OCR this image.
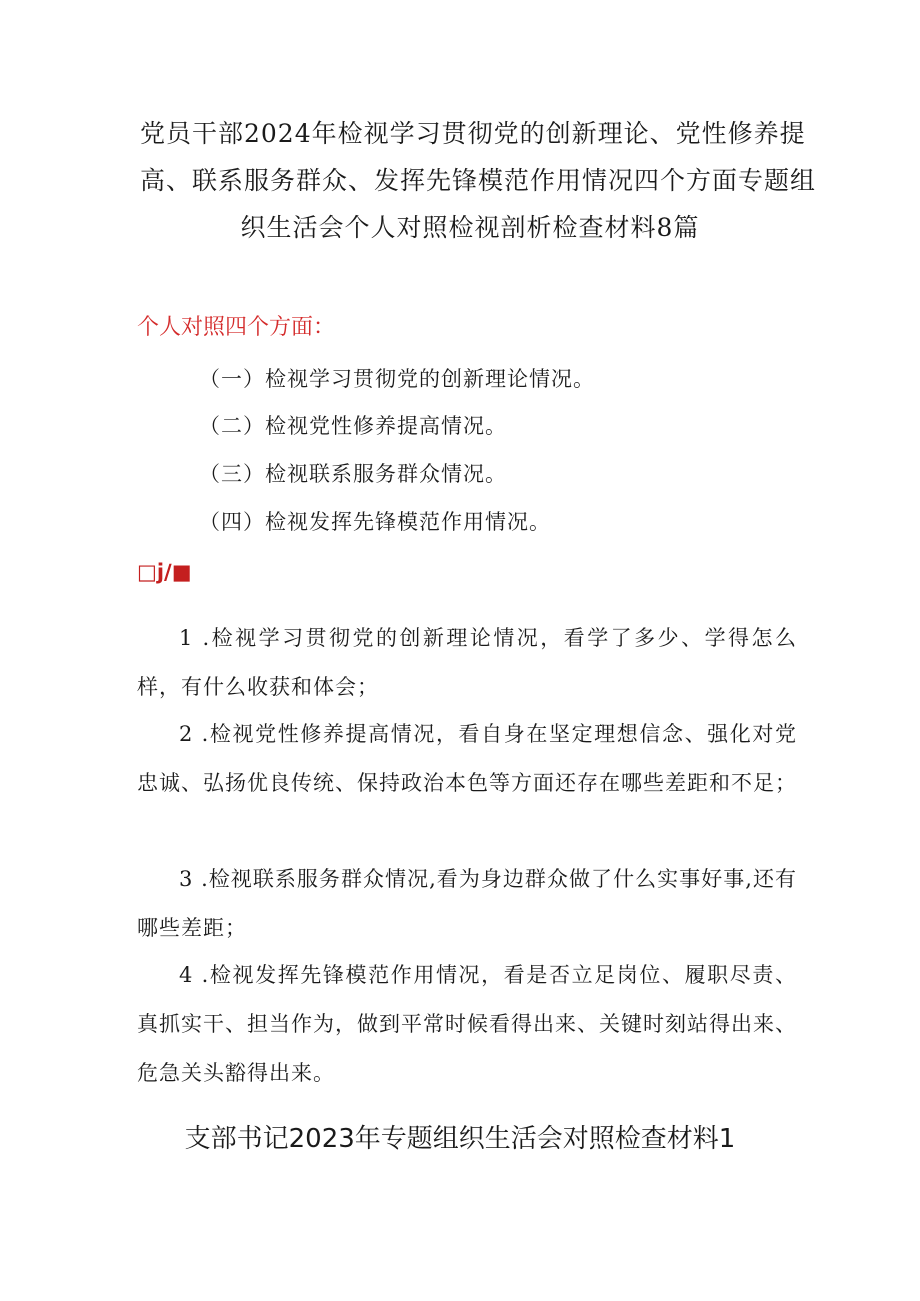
党员干部2024年检视学习贯彻党的创新理论、党性修养提
高、联系服务群众、发挥先锋模范作用情况四个方面专题组
织生活会个人对照检视剖析检查材料8篇
个人对照四个方面：
（一）检视学习贯彻党的创新理论情况。
（二）检视党性修养提高情况。
（三）检视联系服务群众情况。
（四）检视发挥先锋模范作用情况。
□j∕■
1 .检视学习贯彻党的创新理论情况，看学了多少、学得怎么样，有什么收获和体会；
2 .检视党性修养提高情况，看自身在坚定理想信念、强化对党忠诚、弘扬优良传统、保持政治本色等方面还存在哪些差距和不足；
3 .检视联系服务群众情况,看为身边群众做了什么实事好事,还有哪些差距；
4 .检视发挥先锋模范作用情况，看是否立足岗位、履职尽责、真抓实干、担当作为，做到平常时候看得出来、关键时刻站得出来、危急关头豁得出来。
支部书记2023年专题组织生活会对照检查材料1
